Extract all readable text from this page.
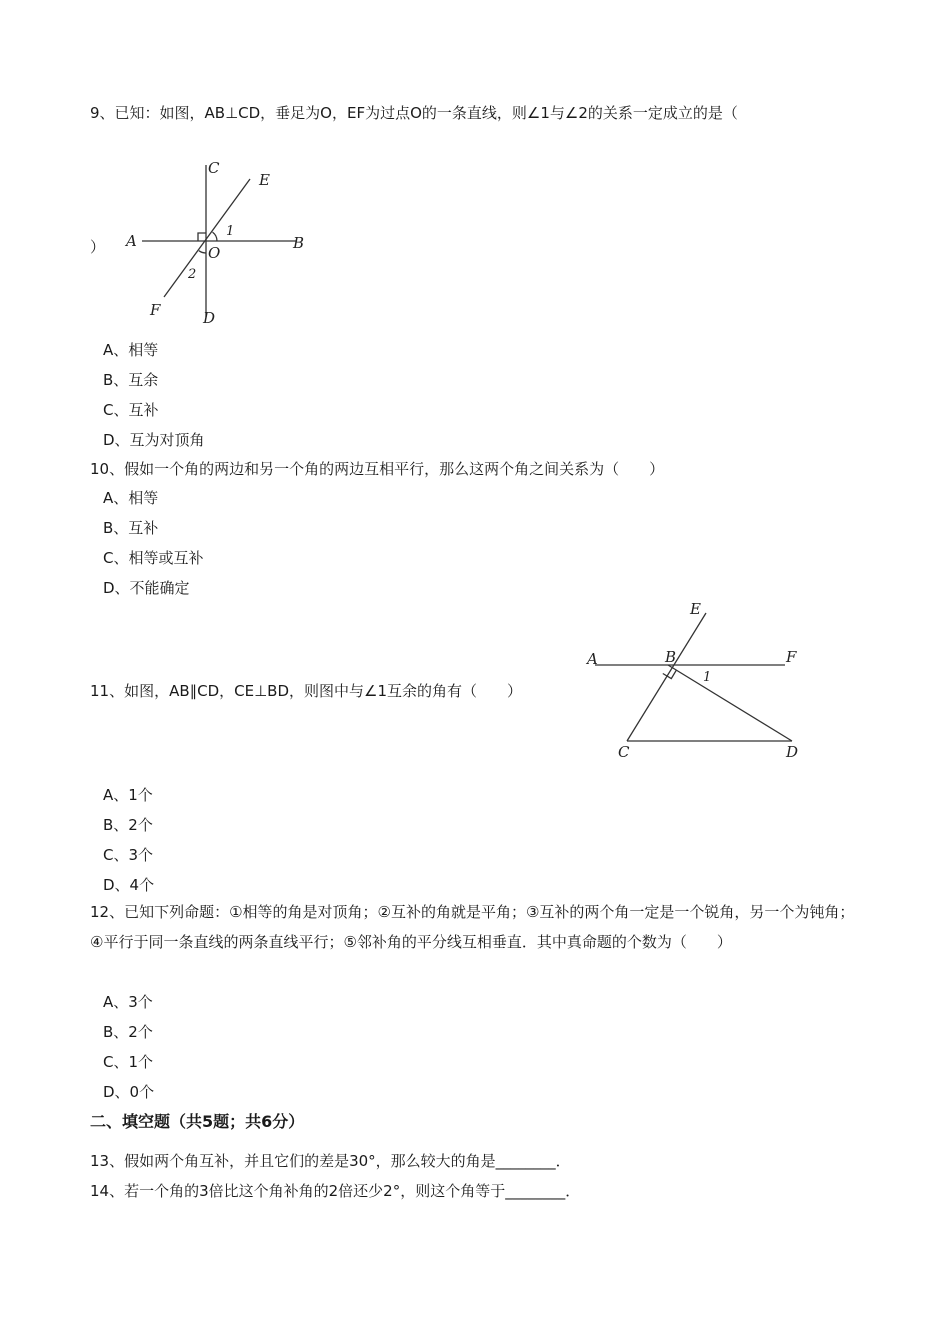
9、已知：如图，AB⊥CD，垂足为O，EF为过点O的一条直线，则∠1与∠2的关系一定成立的是（
）
C
E
A	B
O
1
2
F	D
A、相等
B、互余
C、互补
D、互为对顶角
10、假如一个角的两边和另一个角的两边互相平行，那么这两个角之间关系为（　　）
A、相等
B、互补
C、相等或互补
D、不能确定
11、如图，AB∥CD，CE⊥BD，则图中与∠1互余的角有（　　）
E
A	B	F
1
C	D
A、1个
B、2个
C、3个
D、4个
12、已知下列命题：①相等的角是对顶角；②互补的角就是平角；③互补的两个角一定是一个锐角，另一个为钝角；④平行于同一条直线的两条直线平行；⑤邻补角的平分线互相垂直．其中真命题的个数为（　　）
A、3个
B、2个
C、1个
D、0个
二、填空题（共5题；共6分）
13、假如两个角互补，并且它们的差是30°，那么较大的角是________．
14、若一个角的3倍比这个角补角的2倍还少2°，则这个角等于________．
